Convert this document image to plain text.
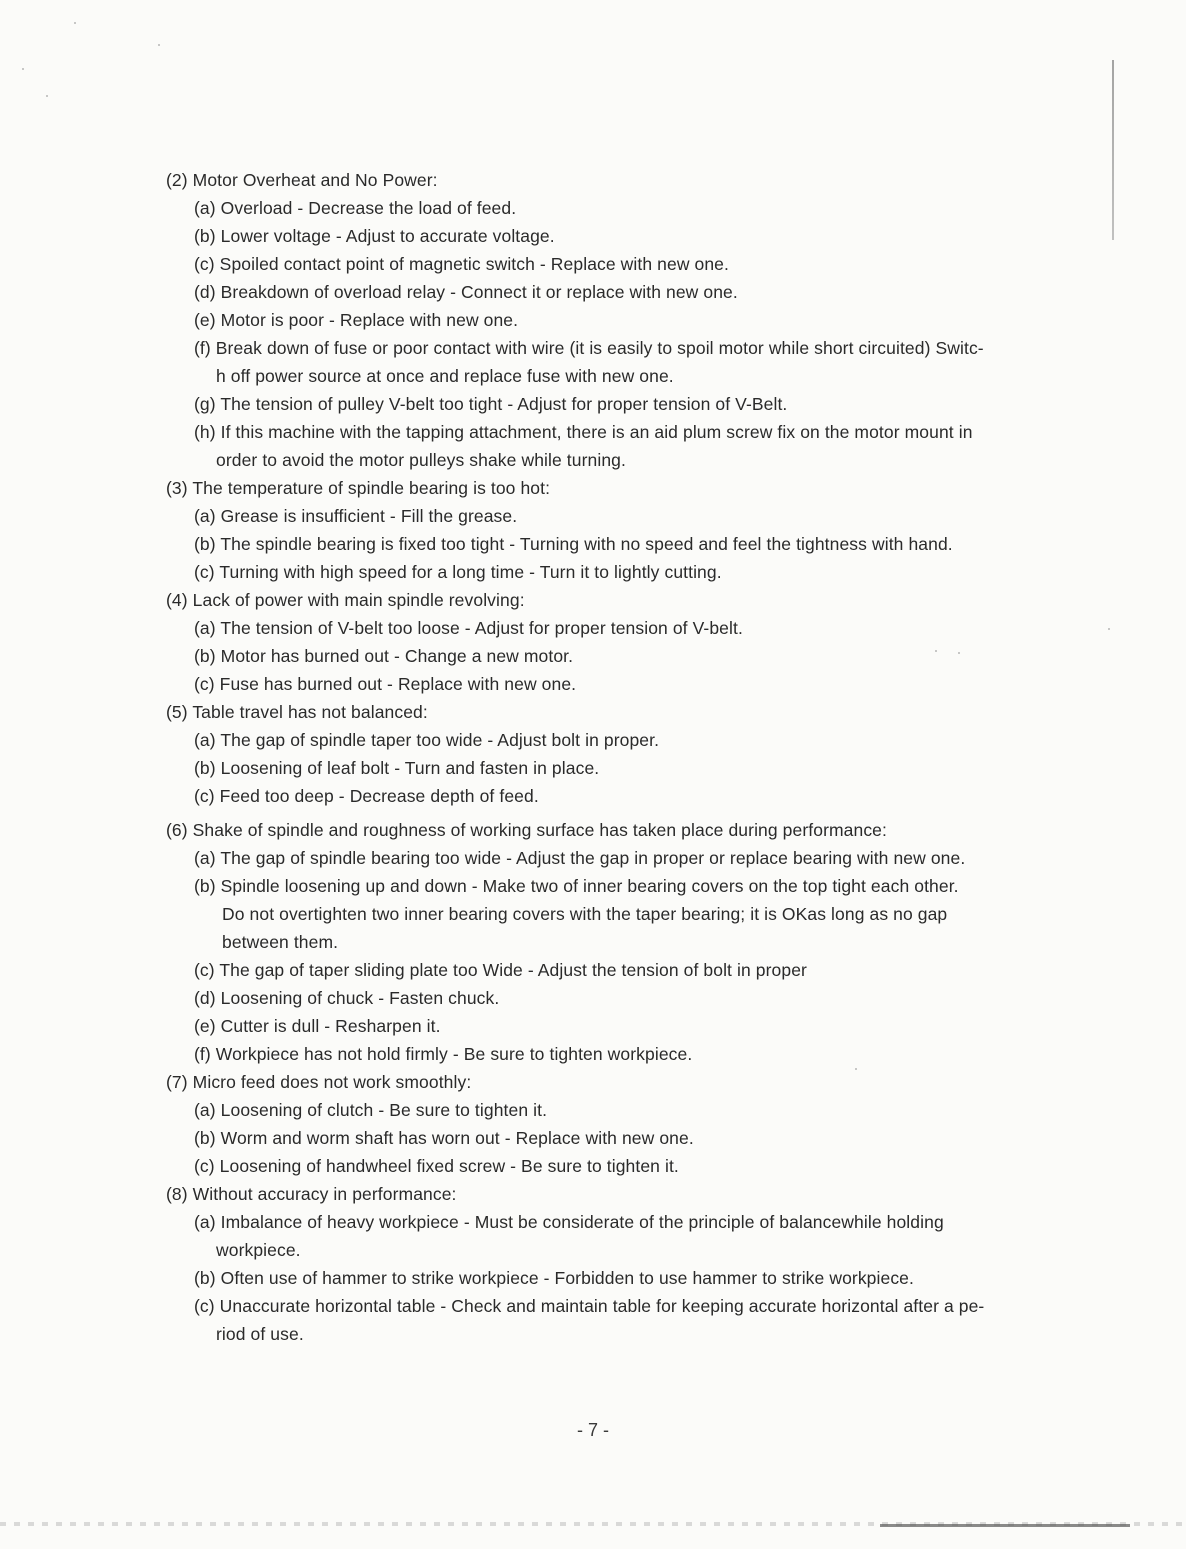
(2) Motor Overheat and No Power:
(a) Overload - Decrease the load of feed.
(b) Lower voltage - Adjust to accurate voltage.
(c) Spoiled contact point of magnetic switch - Replace with new one.
(d) Breakdown of overload relay - Connect it or replace with new one.
(e) Motor is poor - Replace with new one.
(f) Break down of fuse or poor contact with wire (it is easily to spoil motor while short circuited) Switc-
h off power source at once and replace fuse with new one.
(g) The tension of pulley V-belt too tight - Adjust for proper tension of V-Belt.
(h) If this machine with the tapping attachment, there is an aid plum screw fix on the motor mount in
order to avoid the motor pulleys shake while turning.
(3) The temperature of spindle bearing is too hot:
(a) Grease is insufficient - Fill the grease.
(b) The spindle bearing is fixed too tight - Turning with no speed and feel the tightness with hand.
(c) Turning with high speed for a long time - Turn it to lightly cutting.
(4) Lack of power with main spindle revolving:
(a) The tension of V-belt too loose - Adjust for proper tension of V-belt.
(b) Motor has burned out - Change a new motor.
(c) Fuse has burned out - Replace with new one.
(5) Table travel has not balanced:
(a) The gap of spindle taper too wide - Adjust bolt in proper.
(b) Loosening of leaf bolt - Turn and fasten in place.
(c) Feed too deep - Decrease depth of feed.
(6) Shake of spindle and roughness of working surface has taken place during performance:
(a) The gap of spindle bearing too wide - Adjust the gap in proper or replace bearing with new one.
(b) Spindle loosening up and down - Make two of inner bearing covers on the top tight each other.
Do not overtighten two inner bearing covers with the taper bearing; it is OKas long as no gap
between them.
(c) The gap of taper sliding plate too Wide - Adjust the tension of bolt in proper
(d) Loosening of chuck - Fasten chuck.
(e) Cutter is dull - Resharpen it.
(f) Workpiece has not hold firmly - Be sure to tighten workpiece.
(7) Micro feed does not work smoothly:
(a) Loosening of clutch - Be sure to tighten it.
(b) Worm and worm shaft has worn out - Replace with new one.
(c) Loosening of handwheel fixed screw - Be sure to tighten it.
(8) Without accuracy in performance:
(a) Imbalance of heavy workpiece - Must be considerate of the principle of balancewhile holding
workpiece.
(b) Often use of hammer to strike workpiece - Forbidden to use hammer to strike workpiece.
(c) Unaccurate horizontal table - Check and maintain table for keeping accurate horizontal after a pe-
riod of use.
- 7 -
